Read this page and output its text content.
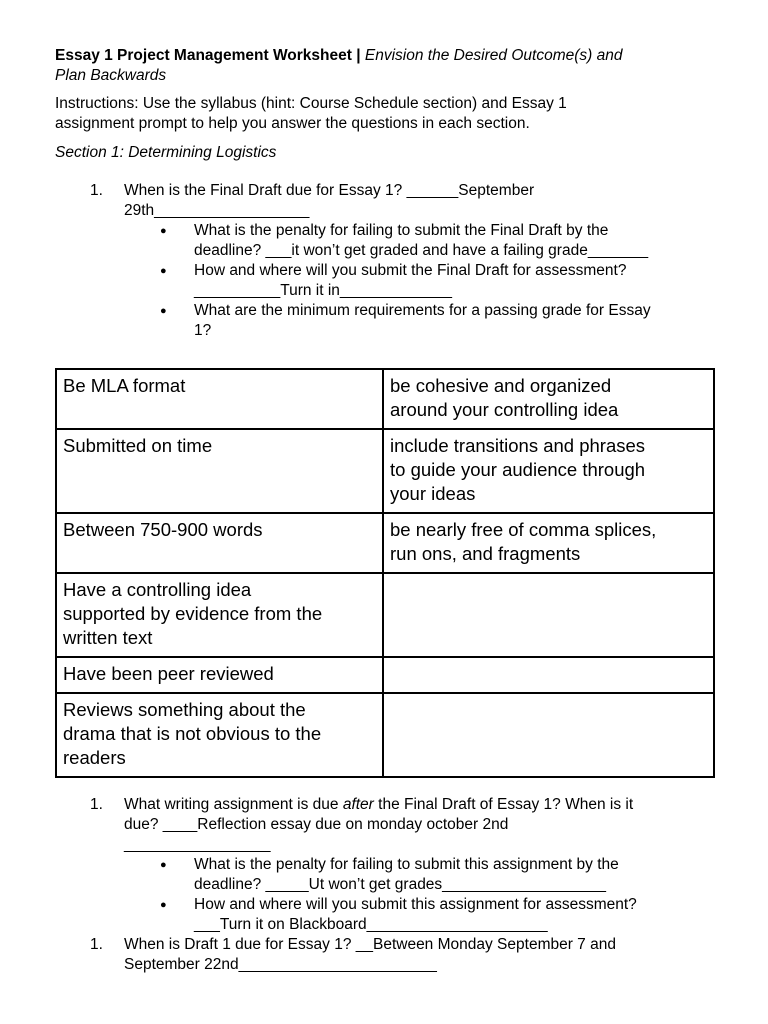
Essay 1 Project Management Worksheet | Envision the Desired Outcome(s) and
Plan Backwards
Instructions: Use the syllabus (hint: Course Schedule section) and Essay 1
assignment prompt to help you answer the questions in each section.
Section 1: Determining Logistics
1. When is the Final Draft due for Essay 1? ______September
29th__________________
● What is the penalty for failing to submit the Final Draft by the
deadline? ___it won’t get graded and have a failing grade_______
● How and where will you submit the Final Draft for assessment?
__________Turn it in_____________
● What are the minimum requirements for a passing grade for Essay
1?
Be MLA format	be cohesive and organized
around your controlling idea

Submitted on time	include transitions and phrases
to guide your audience through
your ideas

Between 750-900 words	be nearly free of comma splices,
run ons, and fragments

Have a controlling idea
supported by evidence from the
written text	

Have been peer reviewed	

Reviews something about the
drama that is not obvious to the
readers	

1. What writing assignment is due after the Final Draft of Essay 1? When is it
due? ____Reflection essay due on monday october 2nd
_________________
● What is the penalty for failing to submit this assignment by the
deadline? _____Ut won’t get grades___________________
● How and where will you submit this assignment for assessment?
___Turn it on Blackboard_____________________
1. When is Draft 1 due for Essay 1? __Between Monday September 7 and
September 22nd_______________________
